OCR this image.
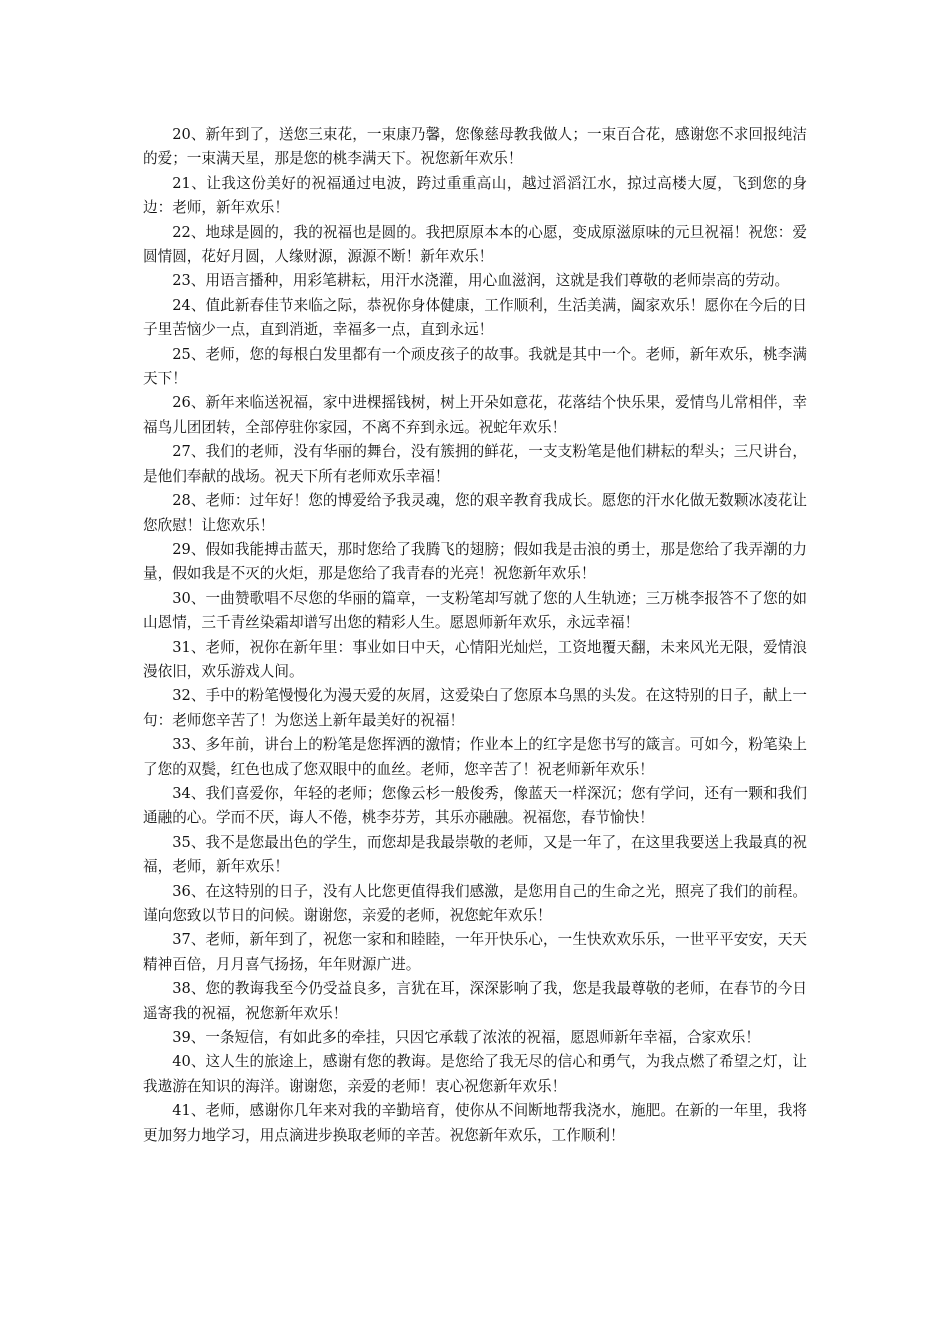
20、新年到了，送您三束花，一束康乃馨，您像慈母教我做人；一束百合花，感谢您不求回报纯洁的爱；一束满天星，那是您的桃李满天下。祝您新年欢乐！

21、让我这份美好的祝福通过电波，跨过重重高山，越过滔滔江水，掠过高楼大厦，飞到您的身边：老师，新年欢乐！

22、地球是圆的，我的祝福也是圆的。我把原原本本的心愿，变成原滋原味的元旦祝福！祝您：爱圆情圆，花好月圆，人缘财源，源源不断！新年欢乐！

23、用语言播种，用彩笔耕耘，用汗水浇灌，用心血滋润，这就是我们尊敬的老师崇高的劳动。

24、值此新春佳节来临之际，恭祝你身体健康，工作顺利，生活美满，阖家欢乐！愿你在今后的日子里苦恼少一点，直到消逝，幸福多一点，直到永远！

25、老师，您的每根白发里都有一个顽皮孩子的故事。我就是其中一个。老师，新年欢乐，桃李满天下！

26、新年来临送祝福，家中进棵摇钱树，树上开朵如意花，花落结个快乐果，爱情鸟儿常相伴，幸福鸟儿团团转，全部停驻你家园，不离不弃到永远。祝蛇年欢乐！

27、我们的老师，没有华丽的舞台，没有簇拥的鲜花，一支支粉笔是他们耕耘的犁头；三尺讲台，是他们奉献的战场。祝天下所有老师欢乐幸福！

28、老师：过年好！您的博爱给予我灵魂，您的艰辛教育我成长。愿您的汗水化做无数颗冰凌花让您欣慰！让您欢乐！

29、假如我能搏击蓝天，那时您给了我腾飞的翅膀；假如我是击浪的勇士，那是您给了我弄潮的力量，假如我是不灭的火炬，那是您给了我青春的光亮！祝您新年欢乐！

30、一曲赞歌唱不尽您的华丽的篇章，一支粉笔却写就了您的人生轨迹；三万桃李报答不了您的如山恩情，三千青丝染霜却谱写出您的精彩人生。愿恩师新年欢乐，永远幸福！

31、老师，祝你在新年里：事业如日中天，心情阳光灿烂，工资地覆天翻，未来风光无限，爱情浪漫依旧，欢乐游戏人间。

32、手中的粉笔慢慢化为漫天爱的灰屑，这爱染白了您原本乌黑的头发。在这特别的日子，献上一句：老师您辛苦了！为您送上新年最美好的祝福！

33、多年前，讲台上的粉笔是您挥洒的激情；作业本上的红字是您书写的箴言。可如今，粉笔染上了您的双鬓，红色也成了您双眼中的血丝。老师，您辛苦了！祝老师新年欢乐！

34、我们喜爱你，年轻的老师；您像云杉一般俊秀，像蓝天一样深沉；您有学问，还有一颗和我们通融的心。学而不厌，诲人不倦，桃李芬芳，其乐亦融融。祝福您，春节愉快！

35、我不是您最出色的学生，而您却是我最崇敬的老师，又是一年了，在这里我要送上我最真的祝福，老师，新年欢乐！

36、在这特别的日子，没有人比您更值得我们感激，是您用自己的生命之光，照亮了我们的前程。谨向您致以节日的问候。谢谢您，亲爱的老师，祝您蛇年欢乐！

37、老师，新年到了，祝您一家和和睦睦，一年开快乐心，一生快欢欢乐乐，一世平平安安，天天精神百倍，月月喜气扬扬，年年财源广进。

38、您的教诲我至今仍受益良多，言犹在耳，深深影响了我，您是我最尊敬的老师，在春节的今日遥寄我的祝福，祝您新年欢乐！

39、一条短信，有如此多的牵挂，只因它承载了浓浓的祝福，愿恩师新年幸福，合家欢乐！

40、这人生的旅途上，感谢有您的教诲。是您给了我无尽的信心和勇气，为我点燃了希望之灯，让我遨游在知识的海洋。谢谢您，亲爱的老师！衷心祝您新年欢乐！

41、老师，感谢你几年来对我的辛勤培育，使你从不间断地帮我浇水，施肥。在新的一年里，我将更加努力地学习，用点滴进步换取老师的辛苦。祝您新年欢乐，工作顺利！
